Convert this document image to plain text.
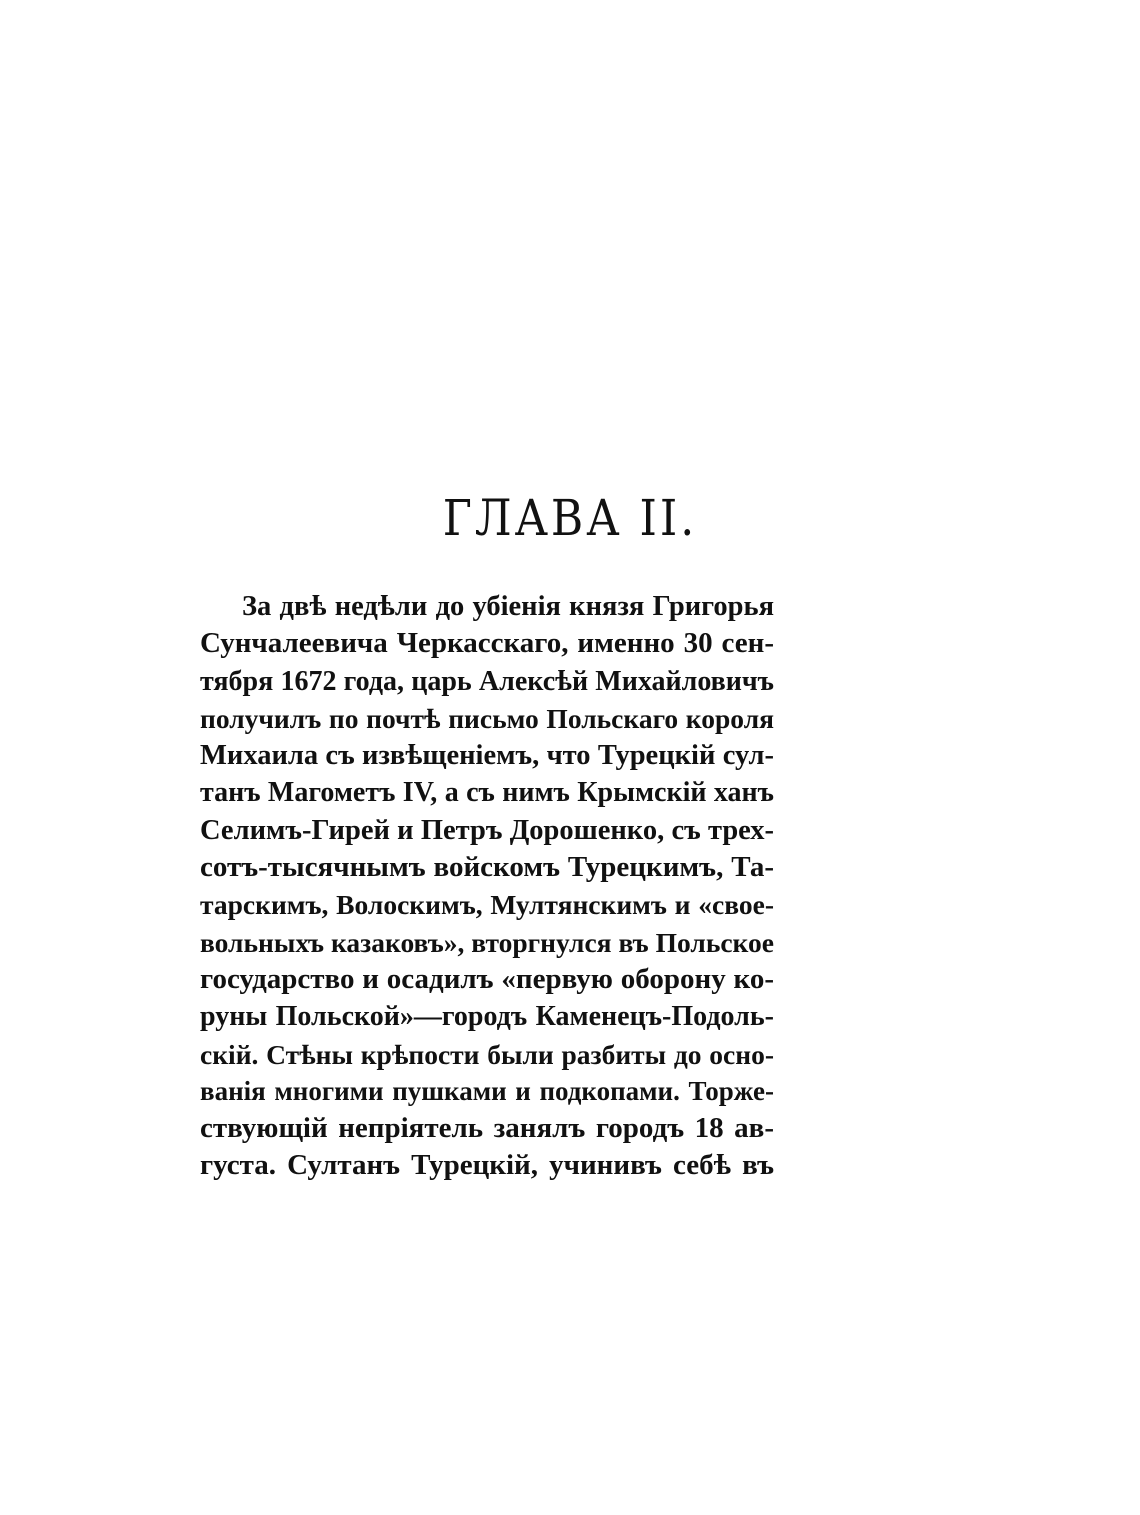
ГЛАВА II.
За двѣ недѣли до убіенія князя Григорья
Сунчалеевича Черкасскаго, именно 30 сен-
тября 1672 года, царь Алексѣй Михайловичъ
получилъ по почтѣ письмо Польскаго короля
Михаила съ извѣщеніемъ, что Турецкій сул-
танъ Магометъ IV, а съ нимъ Крымскій ханъ
Селимъ-Гирей и Петръ Дорошенко, съ трех-
сотъ-тысячнымъ войскомъ Турецкимъ, Та-
тарскимъ, Волоскимъ, Мултянскимъ и «свое-
вольныхъ казаковъ», вторгнулся въ Польское
государство и осадилъ «первую оборону ко-
руны Польской»—городъ Каменецъ-Подоль-
скій. Стѣны крѣпости были разбиты до осно-
ванія многими пушками и подкопами. Торже-
ствующій непріятель занялъ городъ 18 ав-
густа. Султанъ Турецкій, учинивъ себѣ въ
